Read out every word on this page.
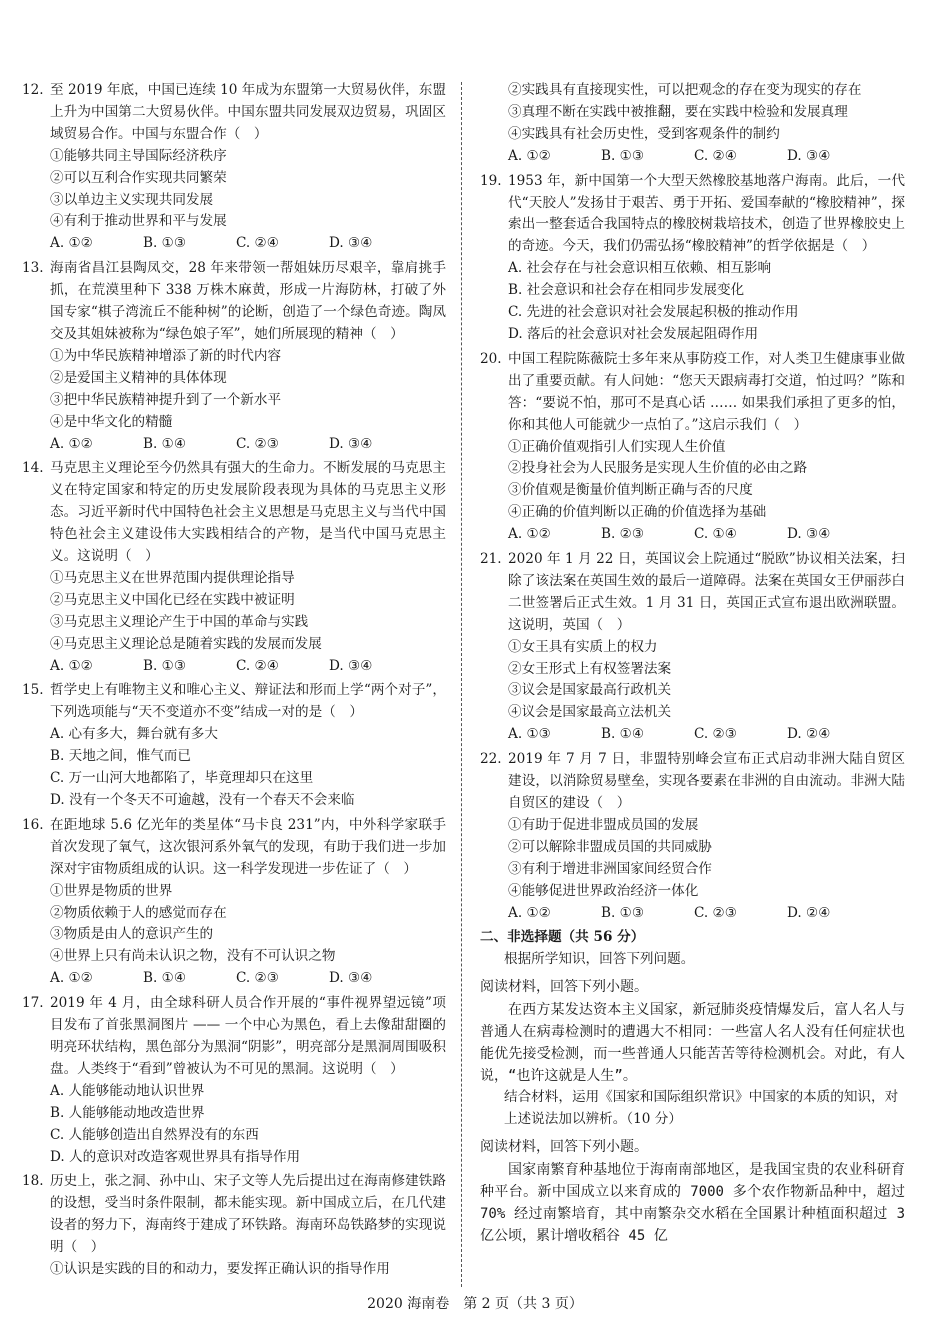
12. 至 2019 年底，中国已连续 10 年成为东盟第一大贸易伙伴，东盟上升为中国第二大贸易伙伴。中国东盟共同发展双边贸易，巩固区域贸易合作。中国与东盟合作（　）
①能够共同主导国际经济秩序
②可以互利合作实现共同繁荣
③以单边主义实现共同发展
④有利于推动世界和平与发展
A. ①②	B. ①③	C. ②④	D. ③④
13. 海南省昌江县陶凤交，28 年来带领一帮姐妹历尽艰辛，靠肩挑手抓，在荒漠里种下 338 万株木麻黄，形成一片海防林，打破了外国专家“棋子湾流丘不能种树”的论断，创造了一个绿色奇迹。陶凤交及其姐妹被称为“绿色娘子军”，她们所展现的精神（　）
①为中华民族精神增添了新的时代内容
②是爱国主义精神的具体体现
③把中华民族精神提升到了一个新水平
④是中华文化的精髓
A. ①②	B. ①④	C. ②③	D. ③④
14. 马克思主义理论至今仍然具有强大的生命力。不断发展的马克思主义在特定国家和特定的历史发展阶段表现为具体的马克思主义形态。习近平新时代中国特色社会主义思想是马克思主义与当代中国特色社会主义建设伟大实践相结合的产物，是当代中国马克思主义。这说明（　）
①马克思主义在世界范围内提供理论指导
②马克思主义中国化已经在实践中被证明
③马克思主义理论产生于中国的革命与实践
④马克思主义理论总是随着实践的发展而发展
A. ①②	B. ①③	C. ②④	D. ③④
15. 哲学史上有唯物主义和唯心主义、辩证法和形而上学“两个对子”，下列选项能与“天不变道亦不变”结成一对的是（　）
A. 心有多大，舞台就有多大
B. 天地之间，惟气而已
C. 万一山河大地都陷了，毕竟理却只在这里
D. 没有一个冬天不可逾越，没有一个春天不会来临
16. 在距地球 5.6 亿光年的类星体“马卡良 231”内，中外科学家联手首次发现了氧气，这次银河系外氧气的发现，有助于我们进一步加深对宇宙物质组成的认识。这一科学发现进一步佐证了（　）
①世界是物质的世界
②物质依赖于人的感觉而存在
③物质是由人的意识产生的
④世界上只有尚未认识之物，没有不可认识之物
A. ①②	B. ①④	C. ②③	D. ③④
17. 2019 年 4 月，由全球科研人员合作开展的“事件视界望远镜”项目发布了首张黑洞图片 —— 一个中心为黑色，看上去像甜甜圈的明亮环状结构，黑色部分为黑洞“阴影”，明亮部分是黑洞周围吸积盘。人类终于“看到”曾被认为不可见的黑洞。这说明（　）
A. 人能够能动地认识世界
B. 人能够能动地改造世界
C. 人能够创造出自然界没有的东西
D. 人的意识对改造客观世界具有指导作用
18. 历史上，张之洞、孙中山、宋子文等人先后提出过在海南修建铁路的设想，受当时条件限制，都未能实现。新中国成立后，在几代建设者的努力下，海南终于建成了环铁路。海南环岛铁路梦的实现说明（　）
①认识是实践的目的和动力，要发挥正确认识的指导作用
②实践具有直接现实性，可以把观念的存在变为现实的存在
③真理不断在实践中被推翻，要在实践中检验和发展真理
④实践具有社会历史性，受到客观条件的制约
A. ①②	B. ①③	C. ②④	D. ③④
19. 1953 年，新中国第一个大型天然橡胶基地落户海南。此后，一代代“天胶人”发扬甘于艰苦、勇于开拓、爱国奉献的“橡胶精神”，探索出一整套适合我国特点的橡胶树栽培技术，创造了世界橡胶史上的奇迹。今天，我们仍需弘扬“橡胶精神”的哲学依据是（　）
A. 社会存在与社会意识相互依赖、相互影响
B. 社会意识和社会存在相同步发展变化
C. 先进的社会意识对社会发展起积极的推动作用
D. 落后的社会意识对社会发展起阻碍作用
20. 中国工程院陈薇院士多年来从事防疫工作，对人类卫生健康事业做出了重要贡献。有人问她：“您天天跟病毒打交道，怕过吗？”陈和答：“要说不怕，那可不是真心话 …… 如果我们承担了更多的怕，你和其他人可能就少一点怕了。”这启示我们（　）
①正确价值观指引人们实现人生价值
②投身社会为人民服务是实现人生价值的必由之路
③价值观是衡量价值判断正确与否的尺度
④正确的价值判断以正确的价值选择为基础
A. ①②	B. ②③	C. ①④	D. ③④
21. 2020 年 1 月 22 日，英国议会上院通过“脱欧”协议相关法案，扫除了该法案在英国生效的最后一道障碍。法案在英国女王伊丽莎白二世签署后正式生效。1 月 31 日，英国正式宣布退出欧洲联盟。这说明，英国（　）
①女王具有实质上的权力
②女王形式上有权签署法案
③议会是国家最高行政机关
④议会是国家最高立法机关
A. ①③	B. ①④	C. ②③	D. ②④
22. 2019 年 7 月 7 日，非盟特别峰会宣布正式启动非洲大陆自贸区建设，以消除贸易壁垒，实现各要素在非洲的自由流动。非洲大陆自贸区的建设（　）
①有助于促进非盟成员国的发展
②可以解除非盟成员国的共同威胁
③有利于增进非洲国家间经贸合作
④能够促进世界政治经济一体化
A. ①②	B. ①③	C. ②③	D. ②④
二、非选择题（共 56 分）
根据所学知识，回答下列问题。
阅读材料，回答下列小题。
在西方某发达资本主义国家，新冠肺炎疫情爆发后，富人名人与普通人在病毒检测时的遭遇大不相同：一些富人名人没有任何症状也能优先接受检测，而一些普通人只能苦苦等待检测机会。对此，有人说，“也许这就是人生”。
结合材料，运用《国家和国际组织常识》中国家的本质的知识，对上述说法加以辨析。（10 分）
阅读材料，回答下列小题。
国家南繁育种基地位于海南南部地区，是我国宝贵的农业科研育种平台。新中国成立以来育成的 7000 多个农作物新品种中，超过 70% 经过南繁培育，其中南繁杂交水稻在全国累计种植面积超过 3 亿公顷，累计增收稻谷 45 亿
2020 海南卷　第 2 页（共 3 页）
